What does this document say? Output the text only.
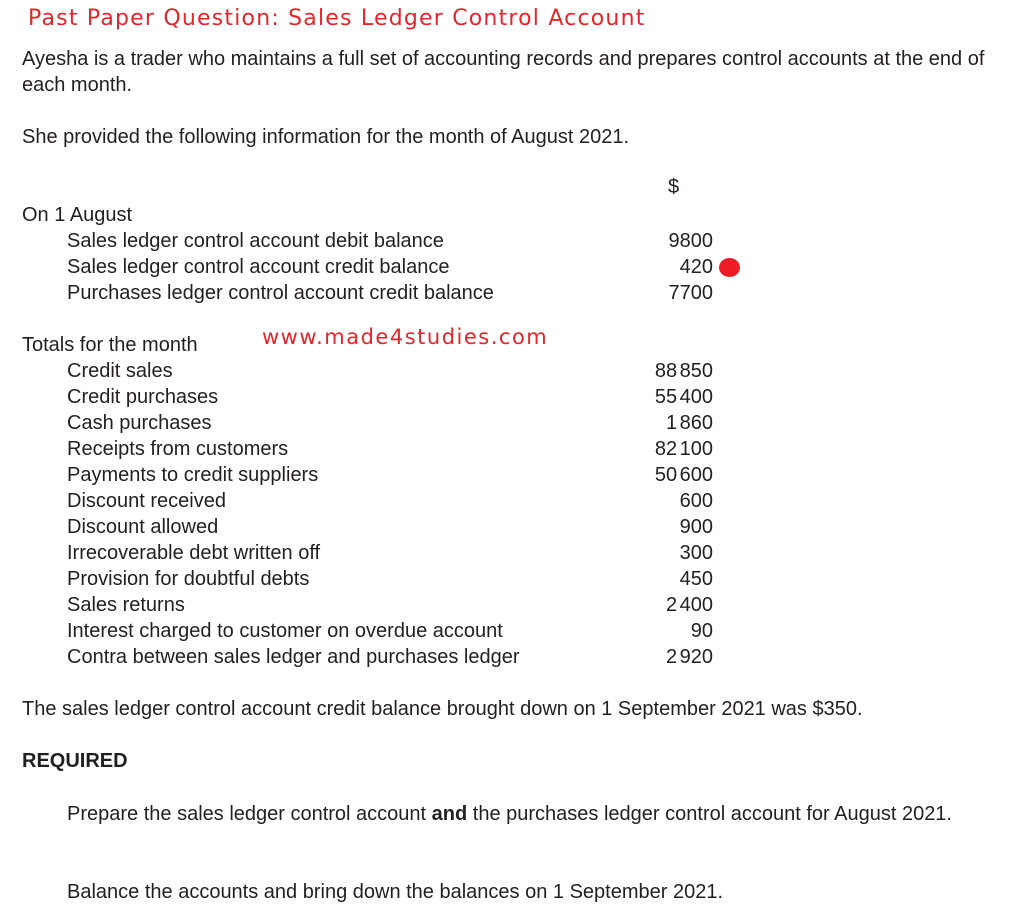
Past Paper Question: Sales Ledger Control Account
Ayesha is a trader who maintains a full set of accounting records and prepares control accounts at the end of each month.
She provided the following information for the month of August 2021.
$
On 1 August
Sales ledger control account debit balance
Sales ledger control account credit balance
Purchases ledger control account credit balance
9800
420
7700
Totals for the month	www.made4studies.com
Credit sales
Credit purchases
Cash purchases
Receipts from customers
Payments to credit suppliers
Discount received
Discount allowed
Irrecoverable debt written off
Provision for doubtful debts
Sales returns
Interest charged to customer on overdue account
Contra between sales ledger and purchases ledger
88 850
55 400
1 860
82 100
50 600
600
900
300
450
2 400
90
2 920
The sales ledger control account credit balance brought down on 1 September 2021 was $350.
REQUIRED
Prepare the sales ledger control account and the purchases ledger control account for August 2021.
Balance the accounts and bring down the balances on 1 September 2021.
